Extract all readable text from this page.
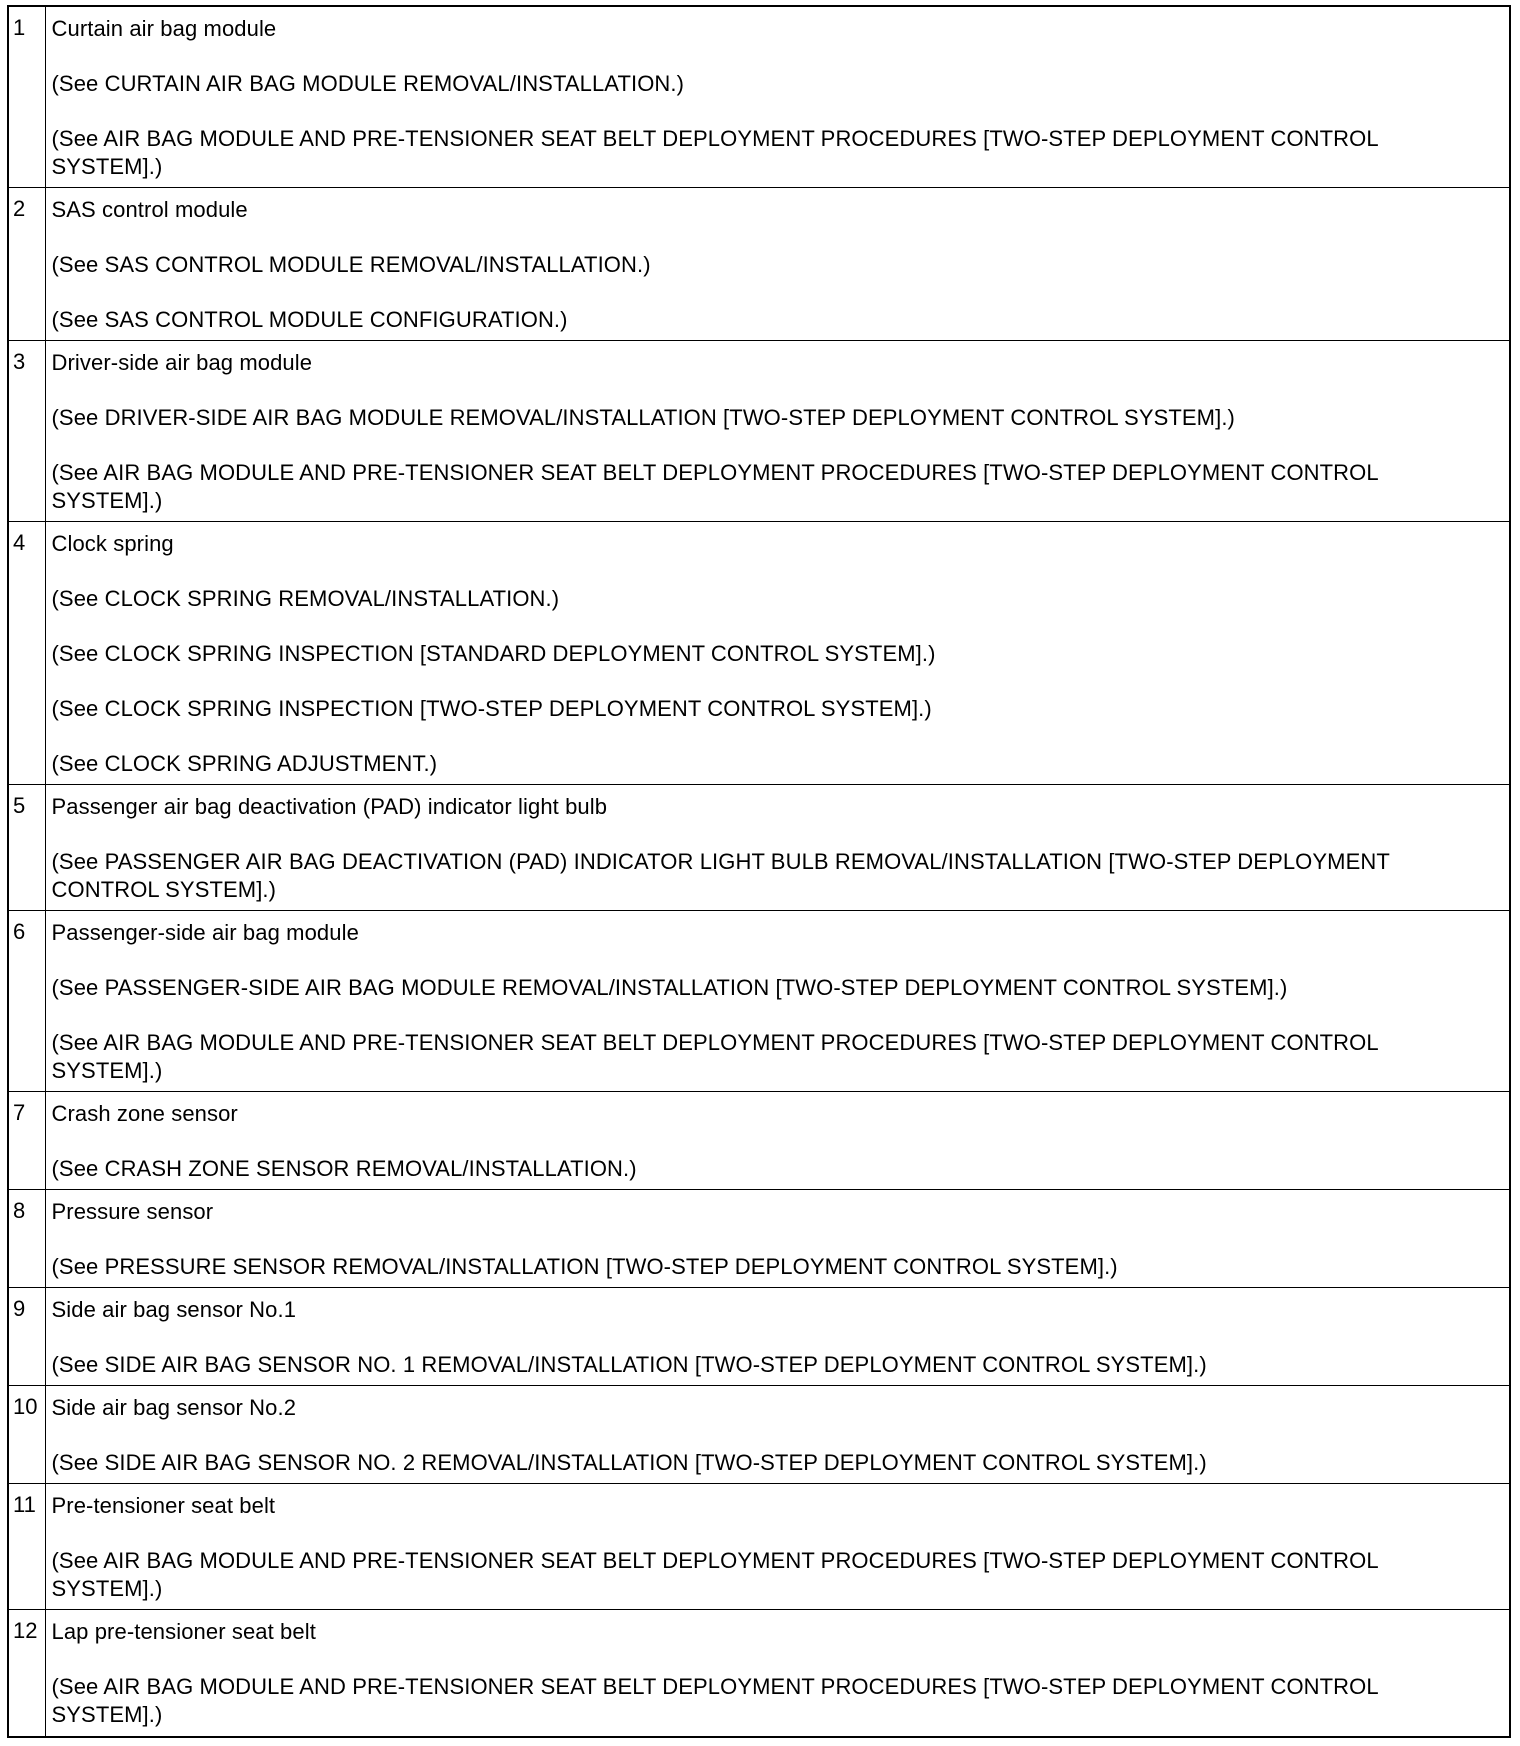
1	Curtain air bag module

(See CURTAIN AIR BAG MODULE REMOVAL/INSTALLATION.)

(See AIR BAG MODULE AND PRE-TENSIONER SEAT BELT DEPLOYMENT PROCEDURES [TWO-STEP DEPLOYMENT CONTROL SYSTEM].)

2	SAS control module

(See SAS CONTROL MODULE REMOVAL/INSTALLATION.)

(See SAS CONTROL MODULE CONFIGURATION.)

3	Driver-side air bag module

(See DRIVER-SIDE AIR BAG MODULE REMOVAL/INSTALLATION [TWO-STEP DEPLOYMENT CONTROL SYSTEM].)

(See AIR BAG MODULE AND PRE-TENSIONER SEAT BELT DEPLOYMENT PROCEDURES [TWO-STEP DEPLOYMENT CONTROL SYSTEM].)

4	Clock spring

(See CLOCK SPRING REMOVAL/INSTALLATION.)

(See CLOCK SPRING INSPECTION [STANDARD DEPLOYMENT CONTROL SYSTEM].)

(See CLOCK SPRING INSPECTION [TWO-STEP DEPLOYMENT CONTROL SYSTEM].)

(See CLOCK SPRING ADJUSTMENT.)

5	Passenger air bag deactivation (PAD) indicator light bulb

(See PASSENGER AIR BAG DEACTIVATION (PAD) INDICATOR LIGHT BULB REMOVAL/INSTALLATION [TWO-STEP DEPLOYMENT CONTROL SYSTEM].)

6	Passenger-side air bag module

(See PASSENGER-SIDE AIR BAG MODULE REMOVAL/INSTALLATION [TWO-STEP DEPLOYMENT CONTROL SYSTEM].)

(See AIR BAG MODULE AND PRE-TENSIONER SEAT BELT DEPLOYMENT PROCEDURES [TWO-STEP DEPLOYMENT CONTROL SYSTEM].)

7	Crash zone sensor

(See CRASH ZONE SENSOR REMOVAL/INSTALLATION.)

8	Pressure sensor

(See PRESSURE SENSOR REMOVAL/INSTALLATION [TWO-STEP DEPLOYMENT CONTROL SYSTEM].)

9	Side air bag sensor No.1

(See SIDE AIR BAG SENSOR NO. 1 REMOVAL/INSTALLATION [TWO-STEP DEPLOYMENT CONTROL SYSTEM].)

10	Side air bag sensor No.2

(See SIDE AIR BAG SENSOR NO. 2 REMOVAL/INSTALLATION [TWO-STEP DEPLOYMENT CONTROL SYSTEM].)

11	Pre-tensioner seat belt

(See AIR BAG MODULE AND PRE-TENSIONER SEAT BELT DEPLOYMENT PROCEDURES [TWO-STEP DEPLOYMENT CONTROL SYSTEM].)

12	Lap pre-tensioner seat belt

(See AIR BAG MODULE AND PRE-TENSIONER SEAT BELT DEPLOYMENT PROCEDURES [TWO-STEP DEPLOYMENT CONTROL SYSTEM].)
